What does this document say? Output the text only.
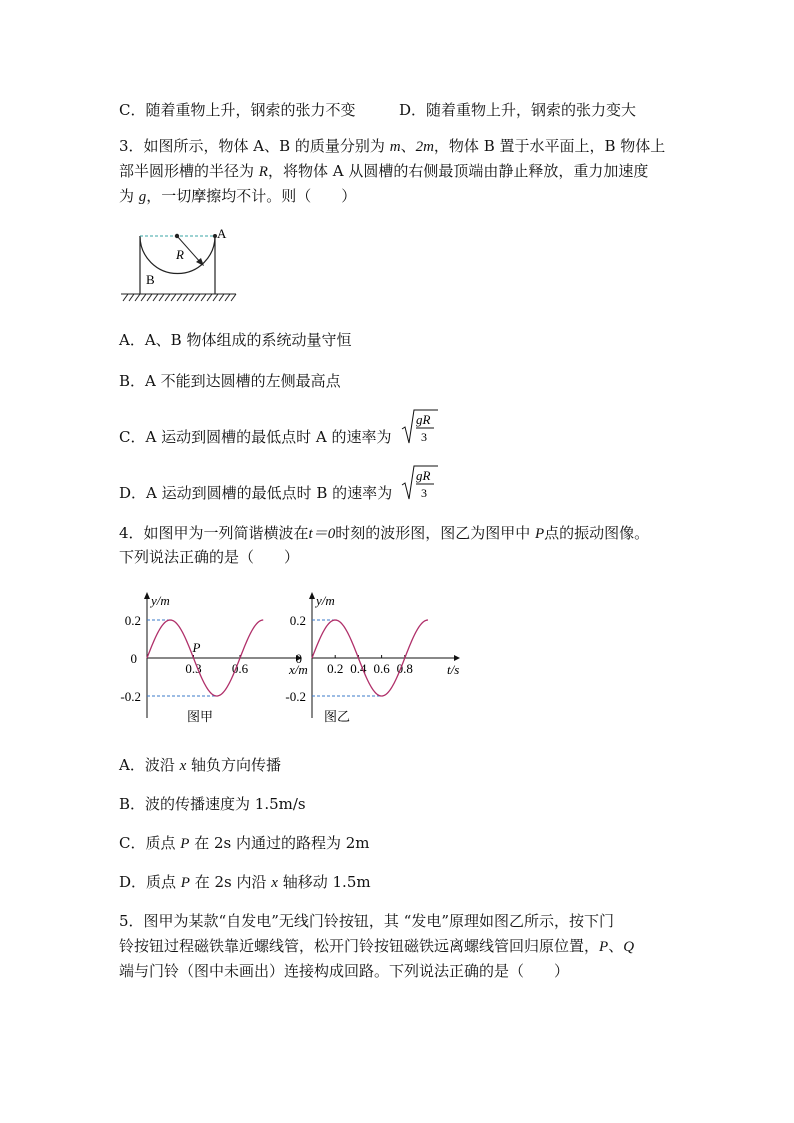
C．随着重物上升，钢索的张力不变	D．随着重物上升，钢索的张力变大
3．如图所示，物体 A、B 的质量分别为 m、2m，物体 B 置于水平面上，B 物体上
部半圆形槽的半径为 R，将物体 A 从圆槽的右侧最顶端由静止释放，重力加速度
为 g，一切摩擦均不计。则（　　）
A
B
R
A．A、B 物体组成的系统动量守恒
B．A 不能到达圆槽的左侧最高点
C．A 运动到圆槽的最低点时 A 的速率为
gR
3
D．A 运动到圆槽的最低点时 B 的速率为
gR
3
4．如图甲为一列简谐横波在t＝0时刻的波形图，图乙为图甲中 P点的振动图像。
下列说法正确的是（　　）
y/m
x/m
0.2
0
-0.2
0.3 0.6
图甲
P
y/m
t/s
0.2
0
-0.2
0.2 0.4 0.6 0.8
图乙
A．波沿 x 轴负方向传播
B．波的传播速度为 1.5m/s
C．质点 P 在 2s 内通过的路程为 2m
D．质点 P 在 2s 内沿 x 轴移动 1.5m
5．图甲为某款“自发电”无线门铃按钮，其 “发电”原理如图乙所示，按下门
铃按钮过程磁铁靠近螺线管，松开门铃按钮磁铁远离螺线管回归原位置，P、Q
端与门铃（图中未画出）连接构成回路。下列说法正确的是（　　）
